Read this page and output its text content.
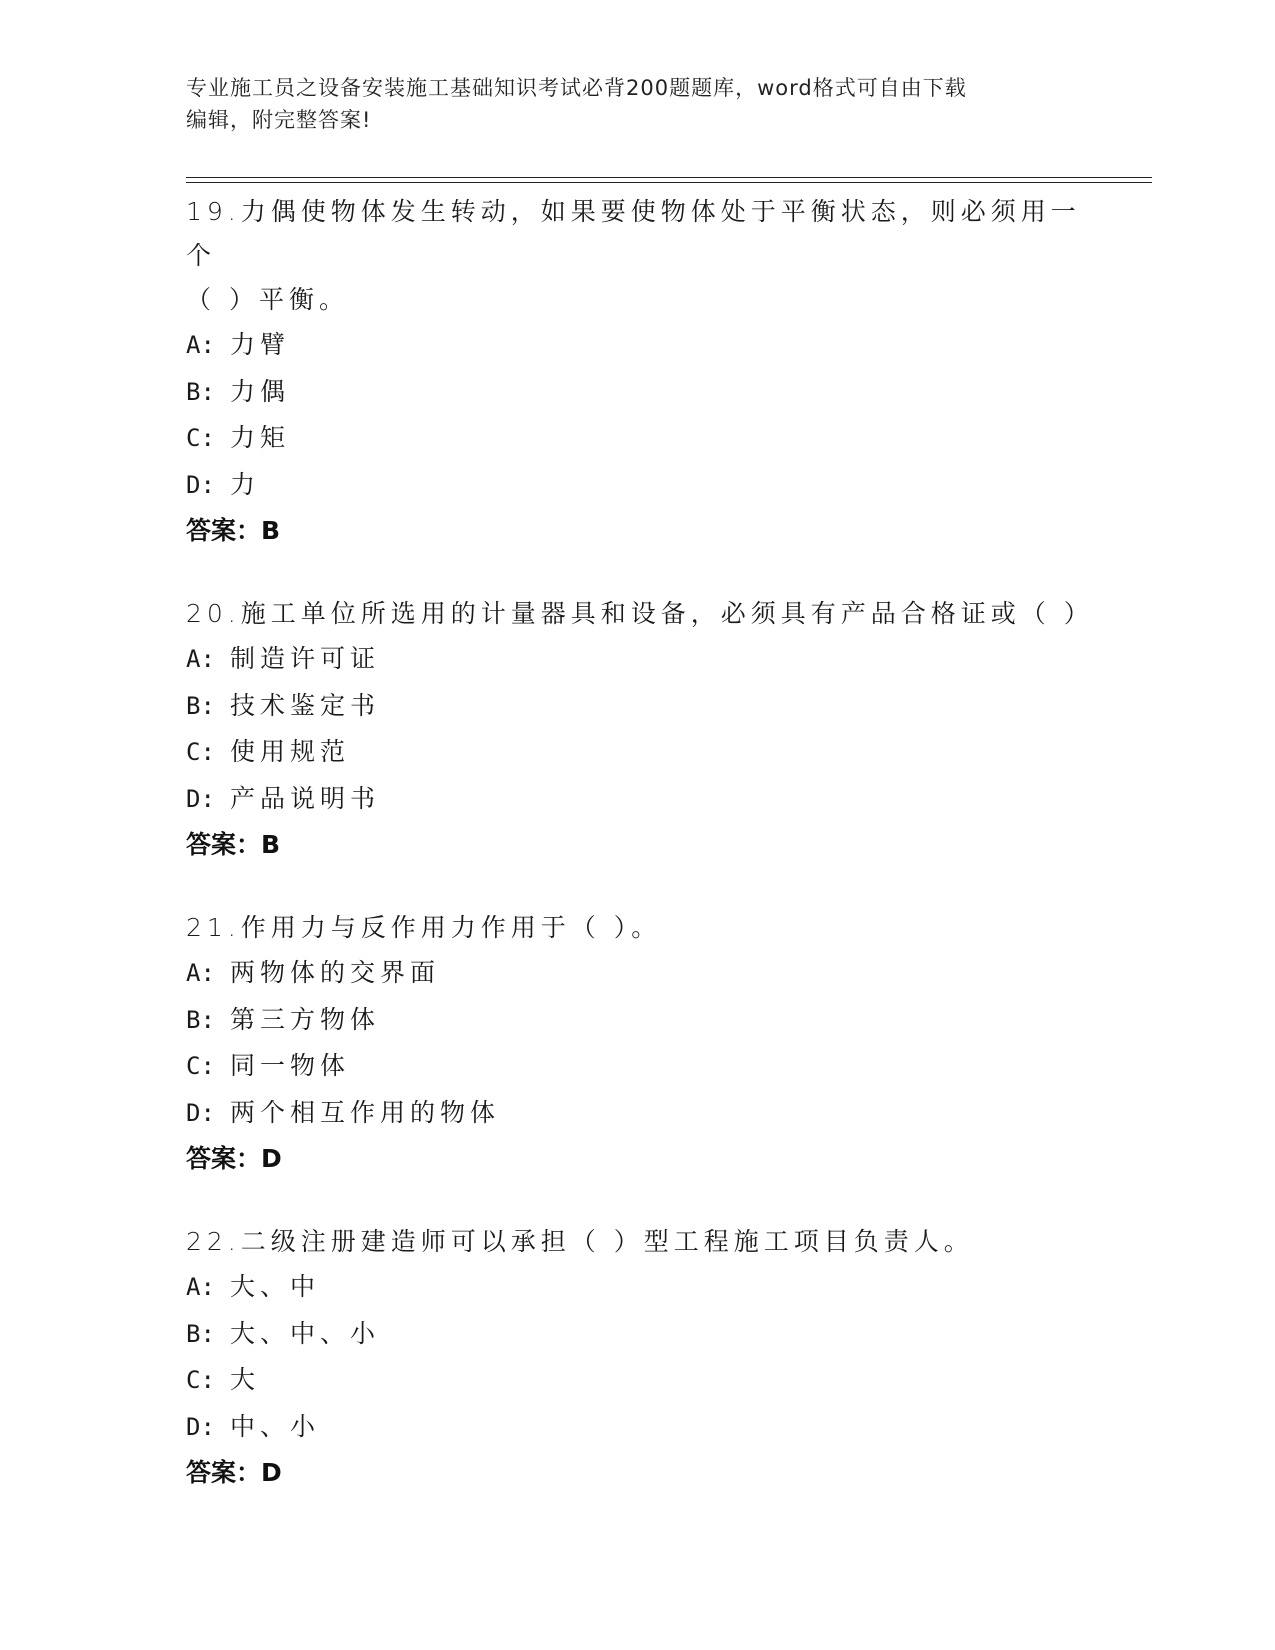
专业施工员之设备安装施工基础知识考试必背200题题库，word格式可自由下载
编辑，附完整答案!

19.力偶使物体发生转动，如果要使物体处于平衡状态，则必须用一个

（ ）平衡。

A: 力臂

B: 力偶

C: 力矩

D: 力

答案：B

20.施工单位所选用的计量器具和设备，必须具有产品合格证或（ ）

A: 制造许可证

B: 技术鉴定书

C: 使用规范

D: 产品说明书

答案：B

21.作用力与反作用力作用于（ ）。

A: 两物体的交界面

B: 第三方物体

C: 同一物体

D: 两个相互作用的物体

答案：D

22.二级注册建造师可以承担（ ）型工程施工项目负责人。

A: 大、中

B: 大、中、小

C: 大

D: 中、小

答案：D
